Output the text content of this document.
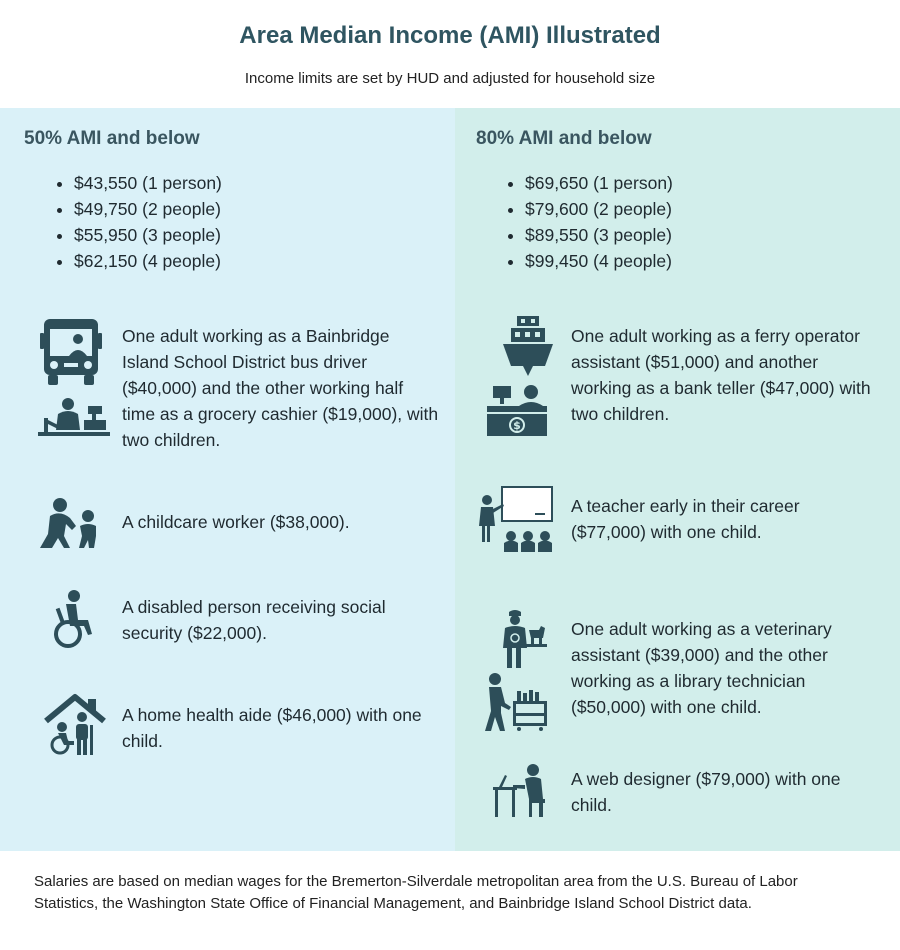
Area Median Income (AMI) Illustrated
Income limits are set by HUD and adjusted for household size
50% AMI and below
• $43,550 (1 person)
• $49,750 (2 people)
• $55,950 (3 people)
• $62,150 (4 people)
One adult working as a Bainbridge Island School District bus driver ($40,000) and the other working half time as a grocery cashier ($19,000), with two children.
A childcare worker ($38,000).
A disabled person receiving social security ($22,000).
A home health aide ($46,000) with one child.
80% AMI and below
• $69,650 (1 person)
• $79,600 (2 people)
• $89,550 (3 people)
• $99,450 (4 people)
$
One adult working as a ferry operator assistant ($51,000) and another working as a bank teller ($47,000) with two children.
A teacher early in their career ($77,000) with one child.
One adult working as a veterinary assistant ($39,000) and the other working as a library technician ($50,000) with one child.
A web designer ($79,000) with one child.
Salaries are based on median wages for the Bremerton-Silverdale metropolitan area from the U.S. Bureau of Labor Statistics, the Washington State Office of Financial Management, and Bainbridge Island School District data.
